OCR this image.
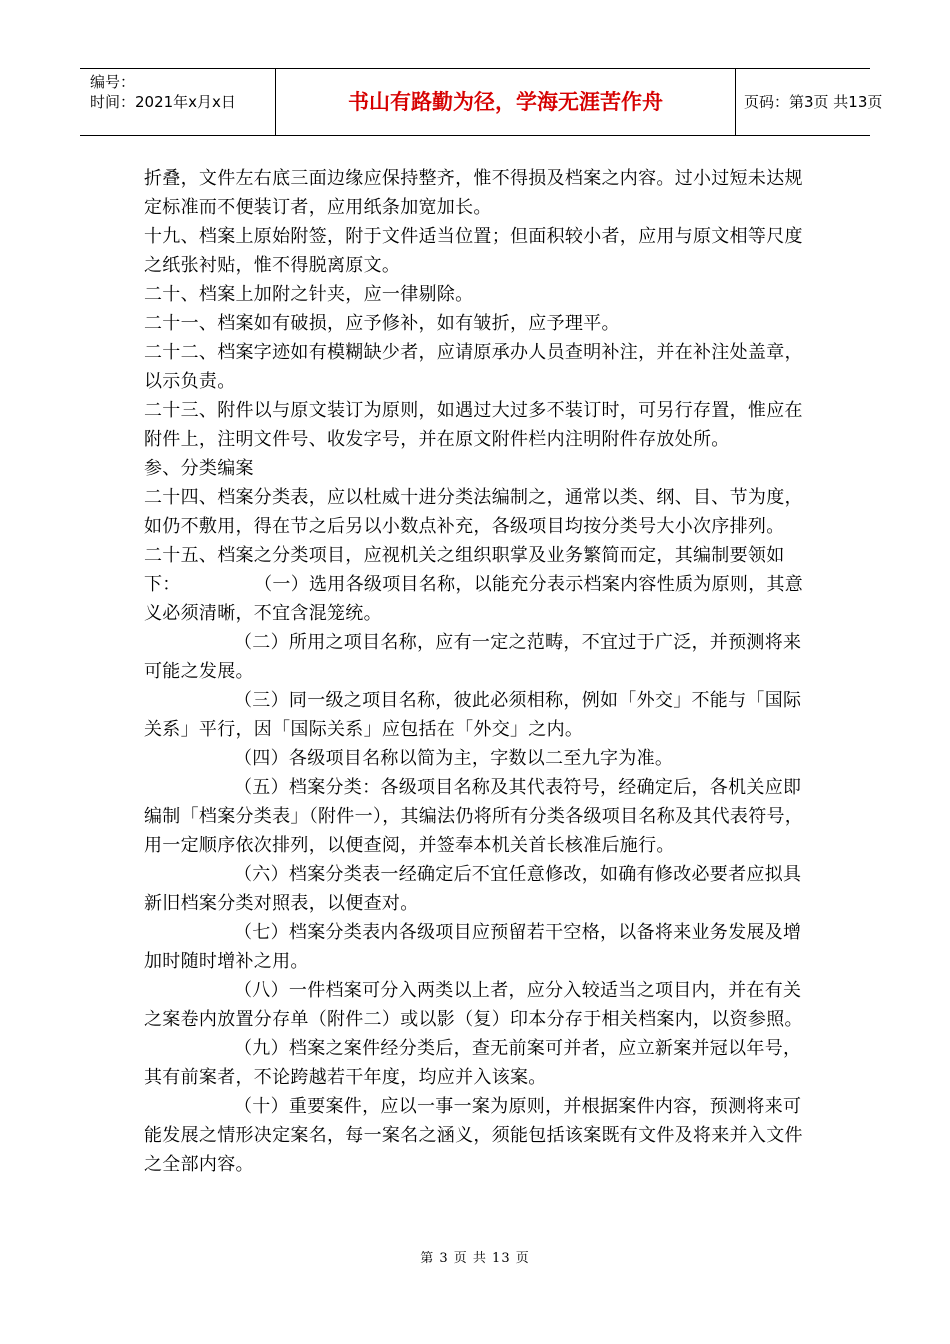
编号：
时间：2021年x月x日	书山有路勤为径，学海无涯苦作舟	页码：第3页 共13页

折叠，文件左右底三面边缘应保持整齐，惟不得损及档案之内容。过小过短未达规定标准而不便装订者，应用纸条加宽加长。

十九、档案上原始附签，附于文件适当位置；但面积较小者，应用与原文相等尺度之纸张衬贴，惟不得脱离原文。

二十、档案上加附之针夹，应一律剔除。

二十一、档案如有破损，应予修补，如有皱折，应予理平。

二十二、档案字迹如有模糊缺少者，应请原承办人员查明补注，并在补注处盖章，以示负责。

二十三、附件以与原文装订为原则，如遇过大过多不装订时，可另行存置，惟应在附件上，注明文件号、收发字号，并在原文附件栏内注明附件存放处所。

参、分类编案

二十四、档案分类表，应以杜威十进分类法编制之，通常以类、纲、目、节为度，如仍不敷用，得在节之后另以小数点补充，各级项目均按分类号大小次序排列。

二十五、档案之分类项目，应视机关之组织职掌及业务繁简而定，其编制要领如下：　　　　　（一）选用各级项目名称，以能充分表示档案内容性质为原则，其意义必须清晰，不宜含混笼统。

（二）所用之项目名称，应有一定之范畴，不宜过于广泛，并预测将来可能之发展。

（三）同一级之项目名称，彼此必须相称，例如「外交」不能与「国际关系」平行，因「国际关系」应包括在「外交」之内。

（四）各级项目名称以简为主，字数以二至九字为准。

（五）档案分类：各级项目名称及其代表符号，经确定后，各机关应即编制「档案分类表」（附件一），其编法仍将所有分类各级项目名称及其代表符号，用一定顺序依次排列，以便查阅，并签奉本机关首长核准后施行。

（六）档案分类表一经确定后不宜任意修改，如确有修改必要者应拟具新旧档案分类对照表，以便查对。

（七）档案分类表内各级项目应预留若干空格，以备将来业务发展及增加时随时增补之用。

（八）一件档案可分入两类以上者，应分入较适当之项目内，并在有关之案卷内放置分存单（附件二）或以影（复）印本分存于相关档案内，以资参照。

（九）档案之案件经分类后，查无前案可并者，应立新案并冠以年号，其有前案者，不论跨越若干年度，均应并入该案。

（十）重要案件，应以一事一案为原则，并根据案件内容，预测将来可能发展之情形决定案名，每一案名之涵义，须能包括该案既有文件及将来并入文件之全部内容。

第 3 页 共 13 页
